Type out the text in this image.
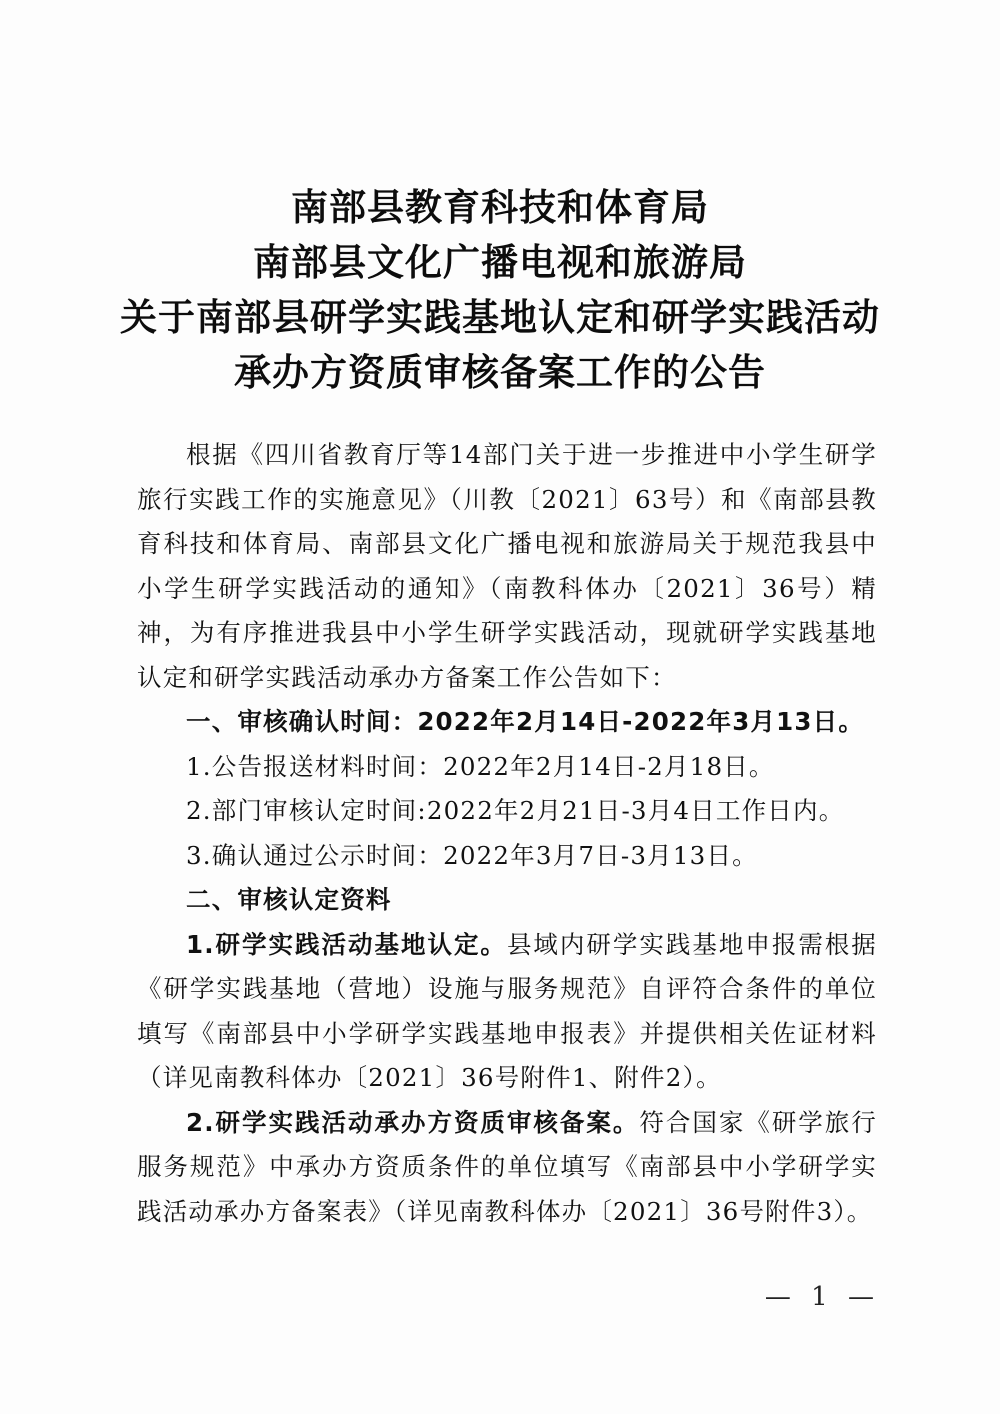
南部县教育科技和体育局
南部县文化广播电视和旅游局
关于南部县研学实践基地认定和研学实践活动
承办方资质审核备案工作的公告

根据《四川省教育厅等14部门关于进一步推进中小学生研学旅行实践工作的实施意见》（川教〔2021〕63号）和《南部县教育科技和体育局、南部县文化广播电视和旅游局关于规范我县中小学生研学实践活动的通知》（南教科体办〔2021〕36号）精神，为有序推进我县中小学生研学实践活动，现就研学实践基地认定和研学实践活动承办方备案工作公告如下：

一、审核确认时间：2022年2月14日-2022年3月13日。

1.公告报送材料时间：2022年2月14日-2月18日。

2.部门审核认定时间:2022年2月21日-3月4日工作日内。

3.确认通过公示时间：2022年3月7日-3月13日。

二、审核认定资料

1.研学实践活动基地认定。县域内研学实践基地申报需根据《研学实践基地（营地）设施与服务规范》自评符合条件的单位填写《南部县中小学研学实践基地申报表》并提供相关佐证材料（详见南教科体办〔2021〕36号附件1、附件2）。

2.研学实践活动承办方资质审核备案。符合国家《研学旅行服务规范》中承办方资质条件的单位填写《南部县中小学研学实践活动承办方备案表》（详见南教科体办〔2021〕36号附件3）。

— 1 —
